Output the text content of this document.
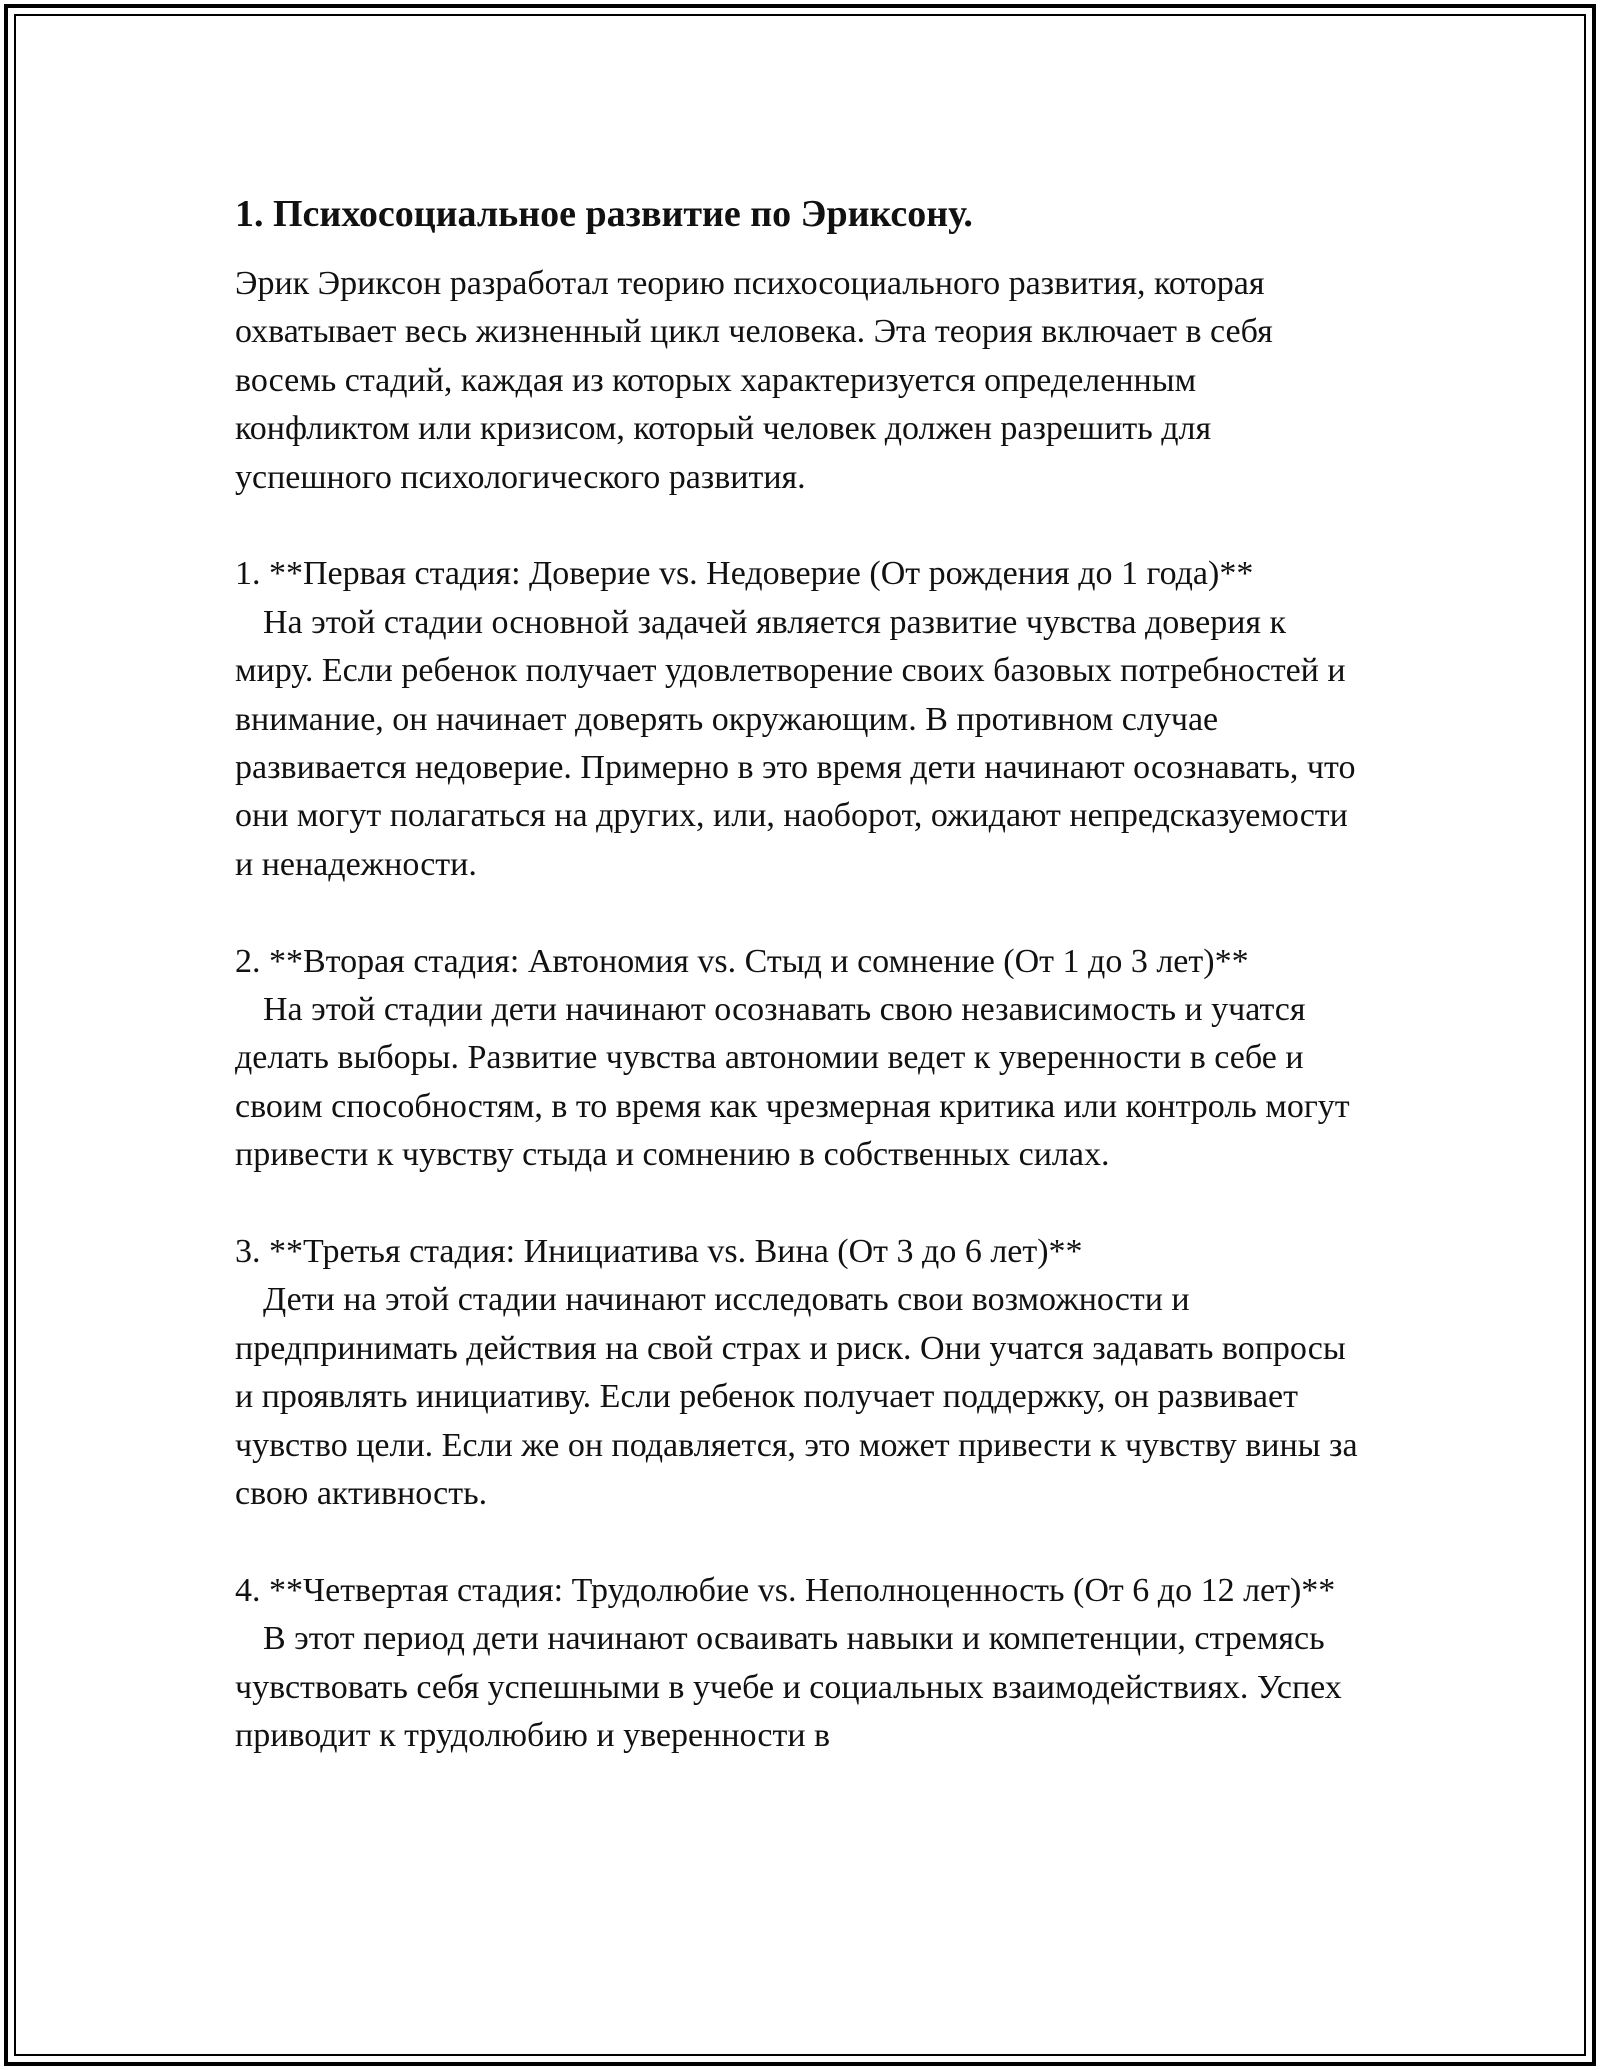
1. Психосоциальное развитие по Эриксону.

Эрик Эриксон разработал теорию психосоциального развития, которая охватывает весь жизненный цикл человека. Эта теория включает в себя восемь стадий, каждая из которых характеризуется определенным конфликтом или кризисом, который человек должен разрешить для успешного психологического развития.

1. **Первая стадия: Доверие vs. Недоверие (От рождения до 1 года)**
На этой стадии основной задачей является развитие чувства доверия к миру. Если ребенок получает удовлетворение своих базовых потребностей и внимание, он начинает доверять окружающим. В противном случае развивается недоверие. Примерно в это время дети начинают осознавать, что они могут полагаться на других, или, наоборот, ожидают непредсказуемости и ненадежности.
2. **Вторая стадия: Автономия vs. Стыд и сомнение (От 1 до 3 лет)**
На этой стадии дети начинают осознавать свою независимость и учатся делать выборы. Развитие чувства автономии ведет к уверенности в себе и своим способностям, в то время как чрезмерная критика или контроль могут привести к чувству стыда и сомнению в собственных силах.
3. **Третья стадия: Инициатива vs. Вина (От 3 до 6 лет)**
Дети на этой стадии начинают исследовать свои возможности и предпринимать действия на свой страх и риск. Они учатся задавать вопросы и проявлять инициативу. Если ребенок получает поддержку, он развивает чувство цели. Если же он подавляется, это может привести к чувству вины за свою активность.
4. **Четвертая стадия: Трудолюбие vs. Неполноценность (От 6 до 12 лет)**
В этот период дети начинают осваивать навыки и компетенции, стремясь чувствовать себя успешными в учебе и социальных взаимодействиях. Успех приводит к трудолюбию и уверенности в
